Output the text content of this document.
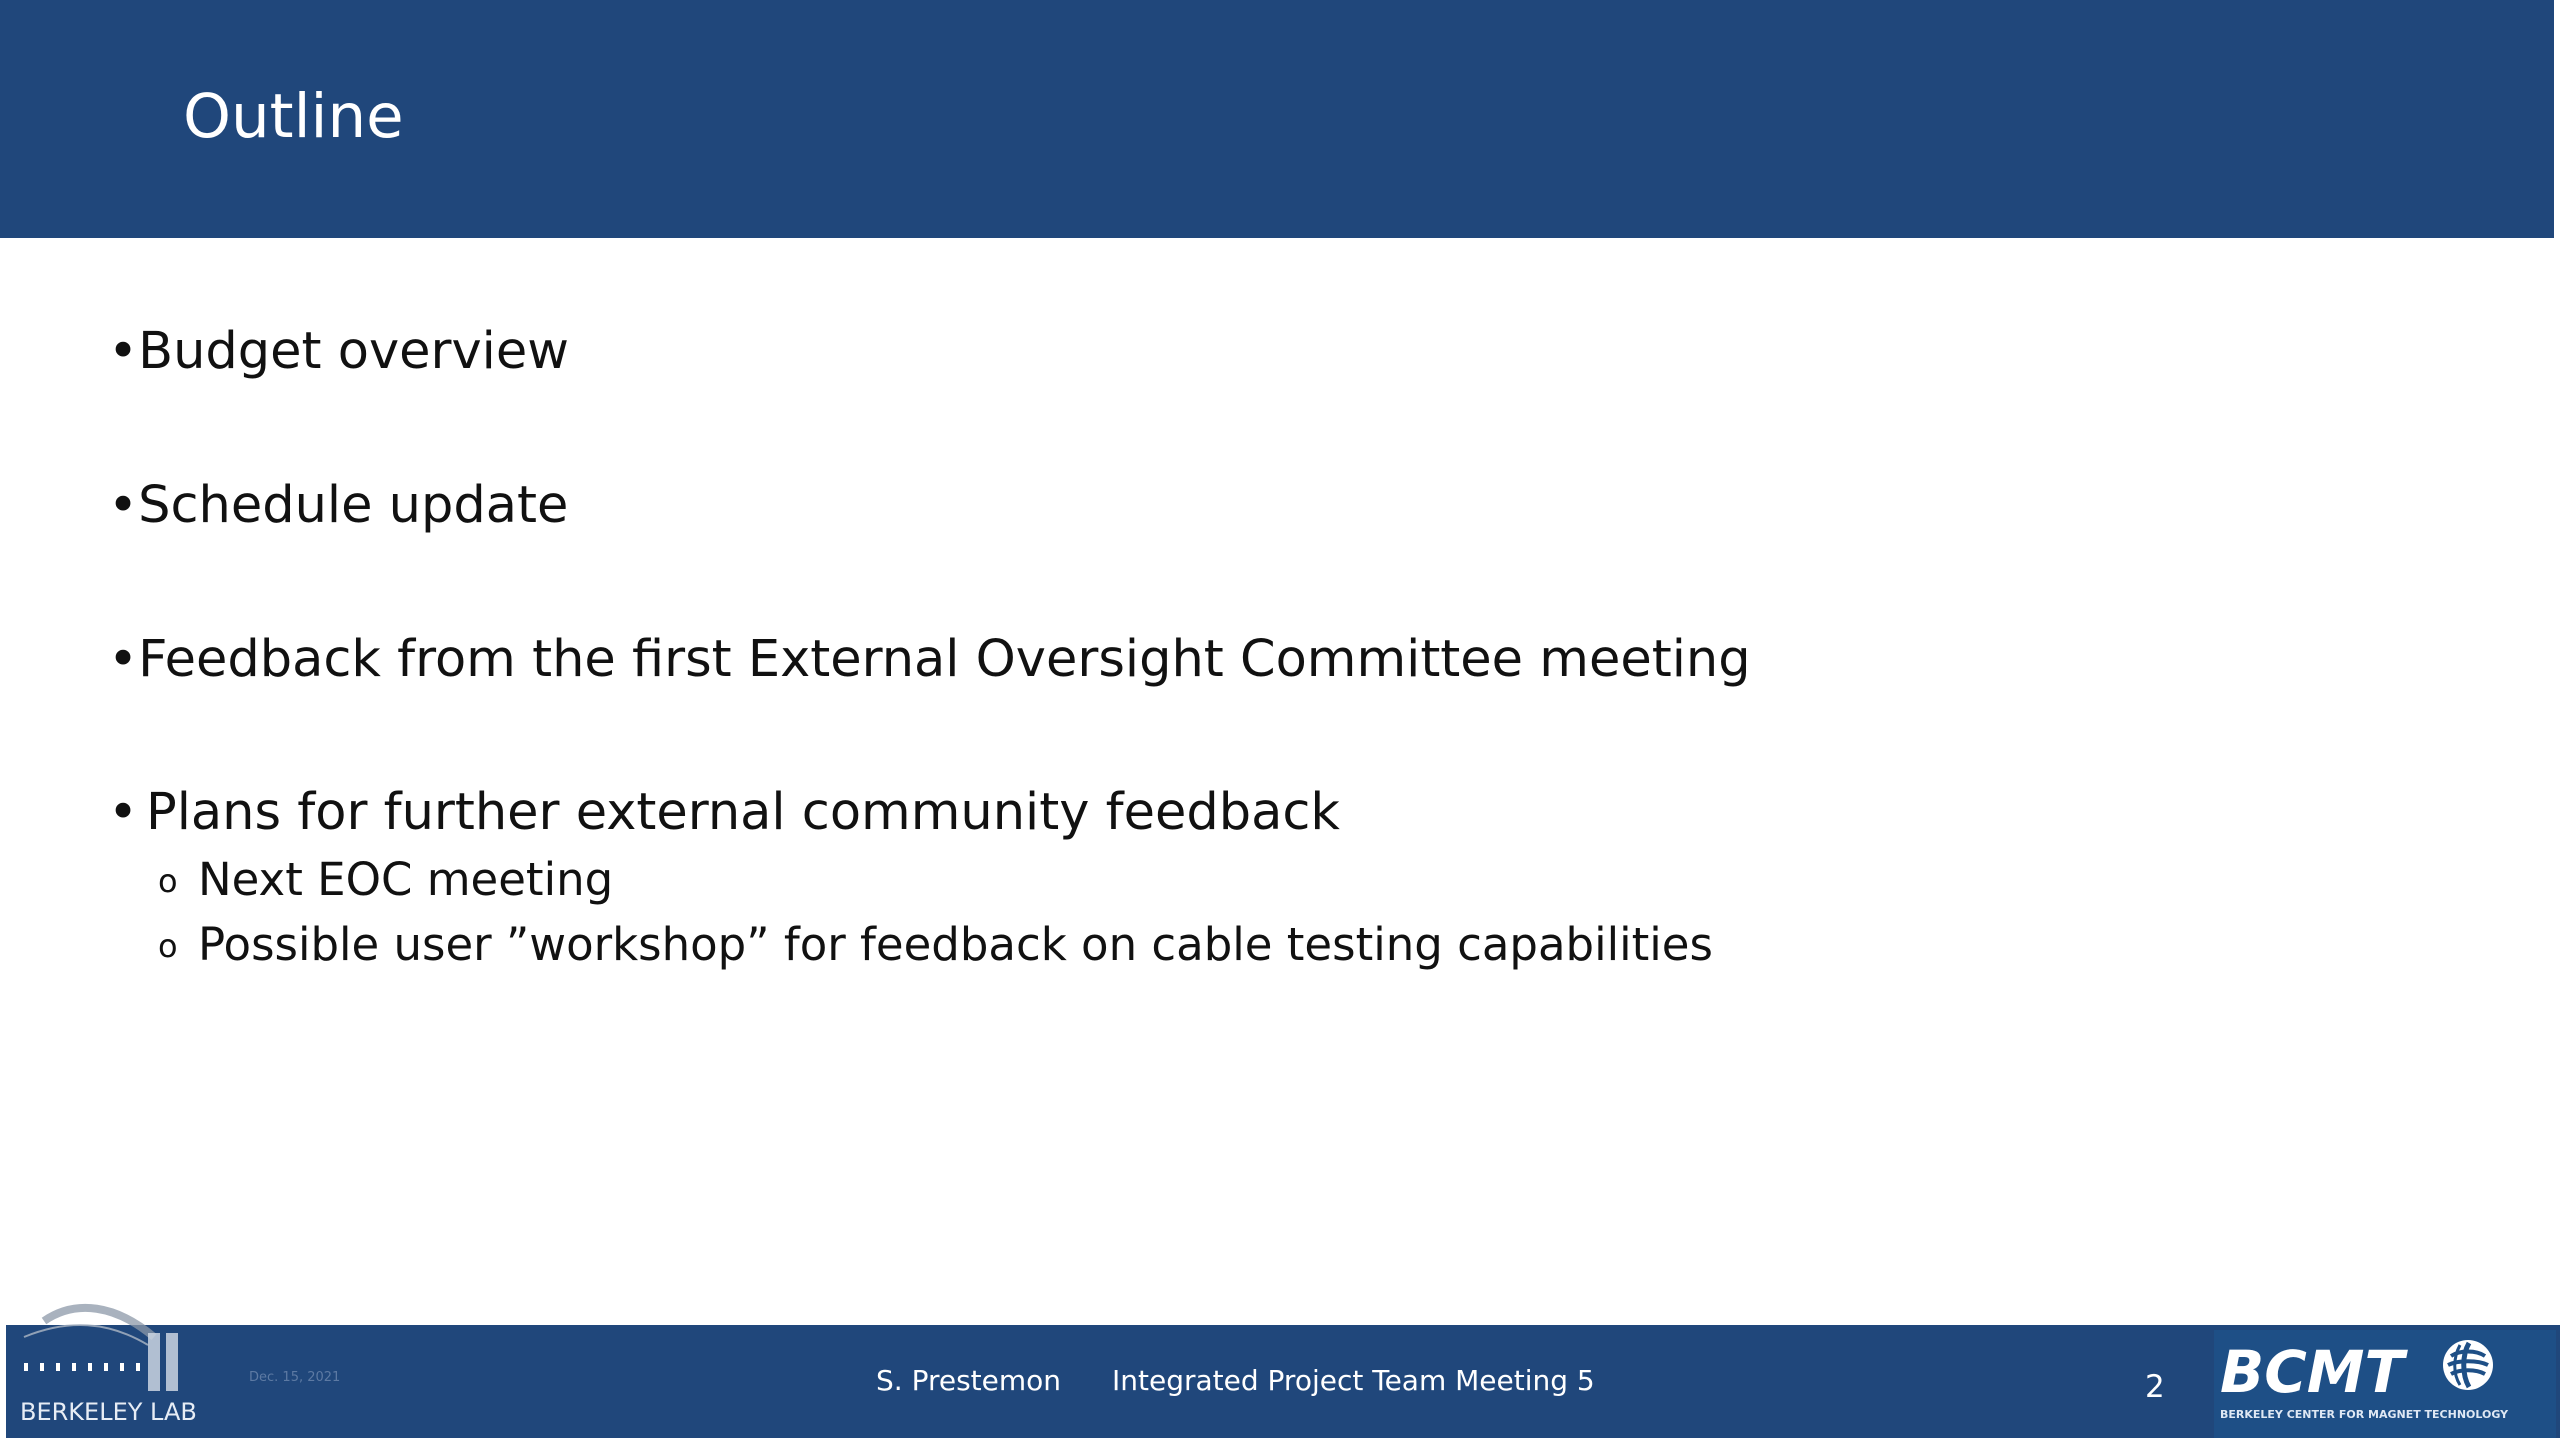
Outline
•Budget overview
•Schedule update
•Feedback from the first External Oversight Committee meeting
• Plans for further external community feedback
o Next EOC meeting
o Possible user ”workshop” for feedback on cable testing capabilities
BERKELEY LAB
Dec. 15, 2021	S. Prestemon Integrated Project Team Meeting 5	2 BCMT
BERKELEY CENTER FOR MAGNET TECHNOLOGY
